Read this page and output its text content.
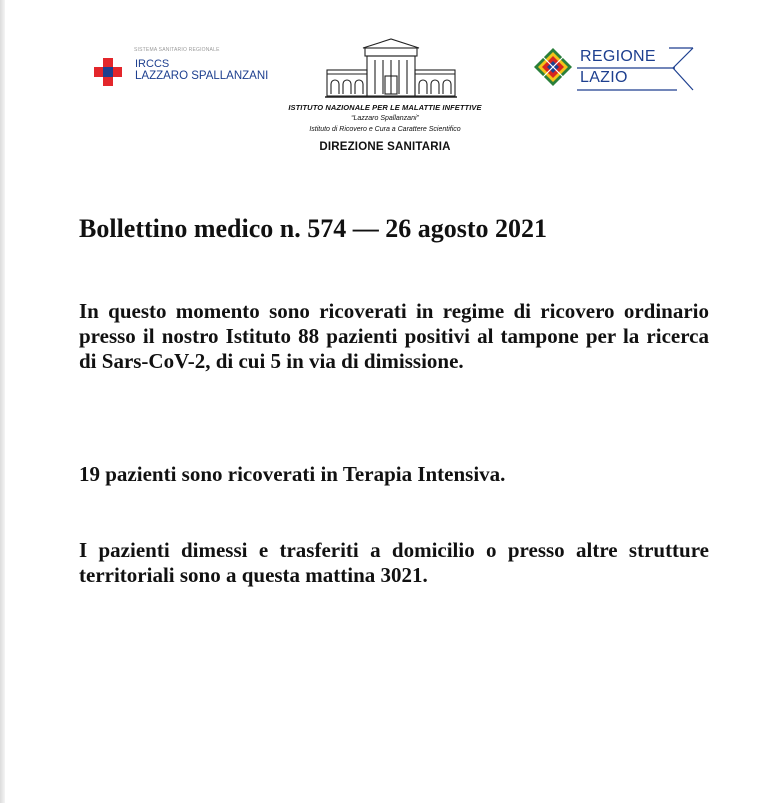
SISTEMA SANITARIO REGIONALE
IRCCS
LAZZARO SPALLANZANI
ISTITUTO NAZIONALE PER LE MALATTIE INFETTIVE
“Lazzaro Spallanzani”
Istituto di Ricovero e Cura a Carattere Scientifico
DIREZIONE SANITARIA
REGIONE
LAZIO
Bollettino medico n. 574 — 26 agosto 2021
In questo momento sono ricoverati in regime di ricovero ordinario presso il nostro Istituto 88 pazienti positivi al tampone per la ricerca di Sars-CoV-2, di cui 5 in via di dimissione.
19 pazienti sono ricoverati in Terapia Intensiva.
I pazienti dimessi e trasferiti a domicilio o presso altre strutture territoriali sono a questa mattina 3021.
